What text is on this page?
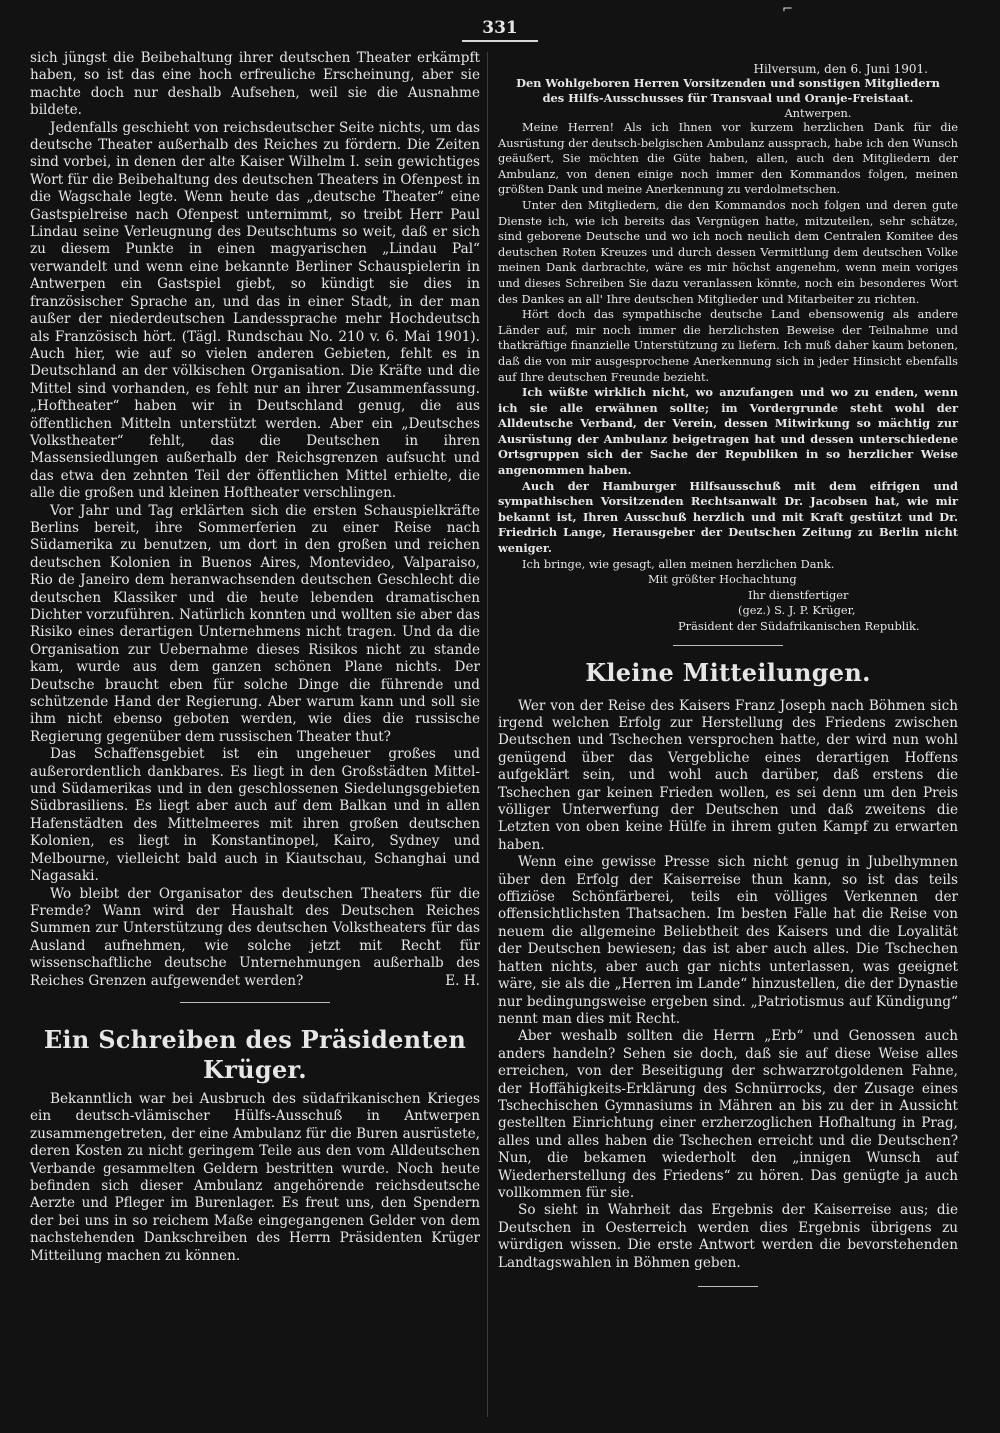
⌐
331

sich jüngst die Beibehaltung ihrer deutschen Theater erkämpft haben, so ist das eine hoch erfreuliche Erscheinung, aber sie machte doch nur deshalb Aufsehen, weil sie die Ausnahme bildete.

Jedenfalls geschieht von reichsdeutscher Seite nichts, um das deutsche Theater außerhalb des Reiches zu fördern. Die Zeiten sind vorbei, in denen der alte Kaiser Wilhelm I. sein gewichtiges Wort für die Beibehaltung des deutschen Theaters in Ofenpest in die Wagschale legte. Wenn heute das „deutsche Theater“ eine Gastspielreise nach Ofenpest unternimmt, so treibt Herr Paul Lindau seine Verleugnung des Deutschtums so weit, daß er sich zu diesem Punkte in einen magyarischen „Lindau Pal“ verwandelt und wenn eine bekannte Berliner Schauspielerin in Antwerpen ein Gastspiel giebt, so kündigt sie dies in französischer Sprache an, und das in einer Stadt, in der man außer der niederdeutschen Landessprache mehr Hochdeutsch als Französisch hört. (Tägl. Rundschau No. 210 v. 6. Mai 1901). Auch hier, wie auf so vielen anderen Gebieten, fehlt es in Deutschland an der völkischen Organisation. Die Kräfte und die Mittel sind vorhanden, es fehlt nur an ihrer Zusammenfassung. „Hoftheater“ haben wir in Deutschland genug, die aus öffentlichen Mitteln unterstützt werden. Aber ein „Deutsches Volkstheater“ fehlt, das die Deutschen in ihren Massensiedlungen außerhalb der Reichsgrenzen aufsucht und das etwa den zehnten Teil der öffentlichen Mittel erhielte, die alle die großen und kleinen Hoftheater verschlingen.

Vor Jahr und Tag erklärten sich die ersten Schauspielkräfte Berlins bereit, ihre Sommerferien zu einer Reise nach Südamerika zu benutzen, um dort in den großen und reichen deutschen Kolonien in Buenos Aires, Montevideo, Valparaiso, Rio de Janeiro dem heranwachsenden deutschen Geschlecht die deutschen Klassiker und die heute lebenden dramatischen Dichter vorzuführen. Natürlich konnten und wollten sie aber das Risiko eines derartigen Unternehmens nicht tragen. Und da die Organisation zur Uebernahme dieses Risikos nicht zu stande kam, wurde aus dem ganzen schönen Plane nichts. Der Deutsche braucht eben für solche Dinge die führende und schützende Hand der Regierung. Aber warum kann und soll sie ihm nicht ebenso geboten werden, wie dies die russische Regierung gegenüber dem russischen Theater thut?

Das Schaffensgebiet ist ein ungeheuer großes und außerordentlich dankbares. Es liegt in den Großstädten Mittel- und Südamerikas und in den geschlossenen Siedelungsgebieten Südbrasiliens. Es liegt aber auch auf dem Balkan und in allen Hafenstädten des Mittelmeeres mit ihren großen deutschen Kolonien, es liegt in Konstantinopel, Kairo, Sydney und Melbourne, vielleicht bald auch in Kiautschau, Schanghai und Nagasaki.

Wo bleibt der Organisator des deutschen Theaters für die Fremde? Wann wird der Haushalt des Deutschen Reiches Summen zur Unterstützung des deutschen Volkstheaters für das Ausland aufnehmen, wie solche jetzt mit Recht für wissenschaftliche deutsche Unternehmungen außerhalb des Reiches Grenzen aufgewendet werden?	E. H.

Ein Schreiben des Präsidenten Krüger.

Bekanntlich war bei Ausbruch des südafrikanischen Krieges ein deutsch-vlämischer Hülfs-Ausschuß in Antwerpen zusammengetreten, der eine Ambulanz für die Buren ausrüstete, deren Kosten zu nicht geringem Teile aus den vom Alldeutschen Verbande gesammelten Geldern bestritten wurde. Noch heute befinden sich dieser Ambulanz angehörende reichsdeutsche Aerzte und Pfleger im Burenlager. Es freut uns, den Spendern der bei uns in so reichem Maße eingegangenen Gelder von dem nachstehenden Dankschreiben des Herrn Präsidenten Krüger Mitteilung machen zu können.

Hilversum, den 6. Juni 1901.
Den Wohlgeboren Herren Vorsitzenden und sonstigen Mitgliedern des Hilfs-Ausschusses für Transvaal und Oranje-Freistaat.
Antwerpen.

Meine Herren! Als ich Ihnen vor kurzem herzlichen Dank für die Ausrüstung der deutsch-belgischen Ambulanz aussprach, habe ich den Wunsch geäußert, Sie möchten die Güte haben, allen, auch den Mitgliedern der Ambulanz, von denen einige noch immer den Kommandos folgen, meinen größten Dank und meine Anerkennung zu verdolmetschen.

Unter den Mitgliedern, die den Kommandos noch folgen und deren gute Dienste ich, wie ich bereits das Vergnügen hatte, mitzuteilen, sehr schätze, sind geborene Deutsche und wo ich noch neulich dem Centralen Komitee des deutschen Roten Kreuzes und durch dessen Vermittlung dem deutschen Volke meinen Dank darbrachte, wäre es mir höchst angenehm, wenn mein voriges und dieses Schreiben Sie dazu veranlassen könnte, noch ein besonderes Wort des Dankes an all' Ihre deutschen Mitglieder und Mitarbeiter zu richten.

Hört doch das sympathische deutsche Land ebensowenig als andere Länder auf, mir noch immer die herzlichsten Beweise der Teilnahme und thatkräftige finanzielle Unterstützung zu liefern. Ich muß daher kaum betonen, daß die von mir ausgesprochene Anerkennung sich in jeder Hinsicht ebenfalls auf Ihre deutschen Freunde bezieht.

Ich wüßte wirklich nicht, wo anzufangen und wo zu enden, wenn ich sie alle erwähnen sollte; im Vordergrunde steht wohl der Alldeutsche Verband, der Verein, dessen Mitwirkung so mächtig zur Ausrüstung der Ambulanz beigetragen hat und dessen unterschiedene Ortsgruppen sich der Sache der Republiken in so herzlicher Weise angenommen haben.

Auch der Hamburger Hilfsausschuß mit dem eifrigen und sympathischen Vorsitzenden Rechtsanwalt Dr. Jacobsen hat, wie mir bekannt ist, Ihren Ausschuß herzlich und mit Kraft gestützt und Dr. Friedrich Lange, Herausgeber der Deutschen Zeitung zu Berlin nicht weniger.

Ich bringe, wie gesagt, allen meinen herzlichen Dank.
Mit größter Hochachtung
Ihr dienstfertiger
(gez.) S. J. P. Krüger,
Präsident der Südafrikanischen Republik.
Kleine Mitteilungen.

Wer von der Reise des Kaisers Franz Joseph nach Böhmen sich irgend welchen Erfolg zur Herstellung des Friedens zwischen Deutschen und Tschechen versprochen hatte, der wird nun wohl genügend über das Vergebliche eines derartigen Hoffens aufgeklärt sein, und wohl auch darüber, daß erstens die Tschechen gar keinen Frieden wollen, es sei denn um den Preis völliger Unterwerfung der Deutschen und daß zweitens die Letzten von oben keine Hülfe in ihrem guten Kampf zu erwarten haben.

Wenn eine gewisse Presse sich nicht genug in Jubelhymnen über den Erfolg der Kaiserreise thun kann, so ist das teils offiziöse Schönfärberei, teils ein völliges Verkennen der offensichtlichsten Thatsachen. Im besten Falle hat die Reise von neuem die allgemeine Beliebtheit des Kaisers und die Loyalität der Deutschen bewiesen; das ist aber auch alles. Die Tschechen hatten nichts, aber auch gar nichts unterlassen, was geeignet wäre, sie als die „Herren im Lande“ hinzustellen, die der Dynastie nur bedingungsweise ergeben sind. „Patriotismus auf Kündigung“ nennt man dies mit Recht.

Aber weshalb sollten die Herrn „Erb“ und Genossen auch anders handeln? Sehen sie doch, daß sie auf diese Weise alles erreichen, von der Beseitigung der schwarzrotgoldenen Fahne, der Hoffähigkeits-Erklärung des Schnürrocks, der Zusage eines Tschechischen Gymnasiums in Mähren an bis zu der in Aussicht gestellten Einrichtung einer erzherzoglichen Hofhaltung in Prag, alles und alles haben die Tschechen erreicht und die Deutschen? Nun, die bekamen wiederholt den „innigen Wunsch auf Wiederherstellung des Friedens“ zu hören. Das genügte ja auch vollkommen für sie.

So sieht in Wahrheit das Ergebnis der Kaiserreise aus; die Deutschen in Oesterreich werden dies Ergebnis übrigens zu würdigen wissen. Die erste Antwort werden die bevorstehenden Landtagswahlen in Böhmen geben.
